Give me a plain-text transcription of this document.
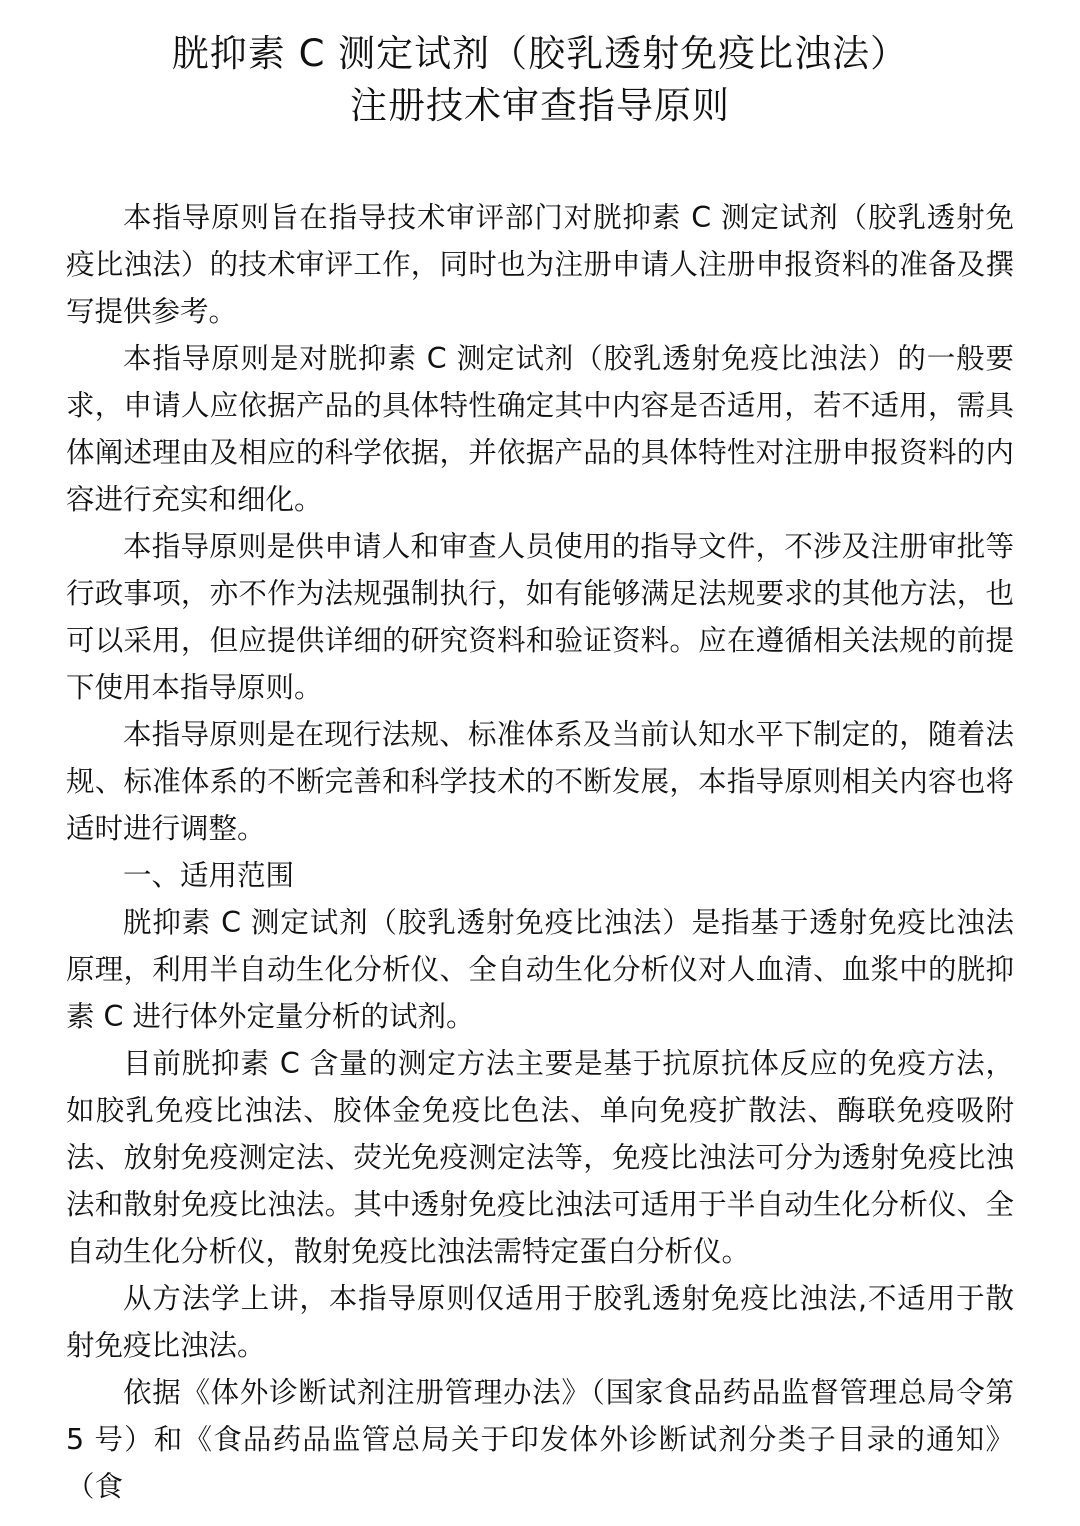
胱抑素 C 测定试剂（胶乳透射免疫比浊法）
注册技术审查指导原则

本指导原则旨在指导技术审评部门对胱抑素 C 测定试剂（胶乳透射免疫比浊法）的技术审评工作，同时也为注册申请人注册申报资料的准备及撰写提供参考。

本指导原则是对胱抑素 C 测定试剂（胶乳透射免疫比浊法）的一般要求，申请人应依据产品的具体特性确定其中内容是否适用，若不适用，需具体阐述理由及相应的科学依据，并依据产品的具体特性对注册申报资料的内容进行充实和细化。

本指导原则是供申请人和审查人员使用的指导文件，不涉及注册审批等行政事项，亦不作为法规强制执行，如有能够满足法规要求的其他方法，也可以采用，但应提供详细的研究资料和验证资料。应在遵循相关法规的前提下使用本指导原则。

本指导原则是在现行法规、标准体系及当前认知水平下制定的，随着法规、标准体系的不断完善和科学技术的不断发展，本指导原则相关内容也将适时进行调整。

一、适用范围

胱抑素 C 测定试剂（胶乳透射免疫比浊法）是指基于透射免疫比浊法原理，利用半自动生化分析仪、全自动生化分析仪对人血清、血浆中的胱抑素 C 进行体外定量分析的试剂。

目前胱抑素 C 含量的测定方法主要是基于抗原抗体反应的免疫方法，如胶乳免疫比浊法、胶体金免疫比色法、单向免疫扩散法、酶联免疫吸附法、放射免疫测定法、荧光免疫测定法等，免疫比浊法可分为透射免疫比浊法和散射免疫比浊法。其中透射免疫比浊法可适用于半自动生化分析仪、全自动生化分析仪，散射免疫比浊法需特定蛋白分析仪。

从方法学上讲，本指导原则仅适用于胶乳透射免疫比浊法,不适用于散射免疫比浊法。

依据《体外诊断试剂注册管理办法》（国家食品药品监督管理总局令第 5 号）和《食品药品监管总局关于印发体外诊断试剂分类子目录的通知》（食
